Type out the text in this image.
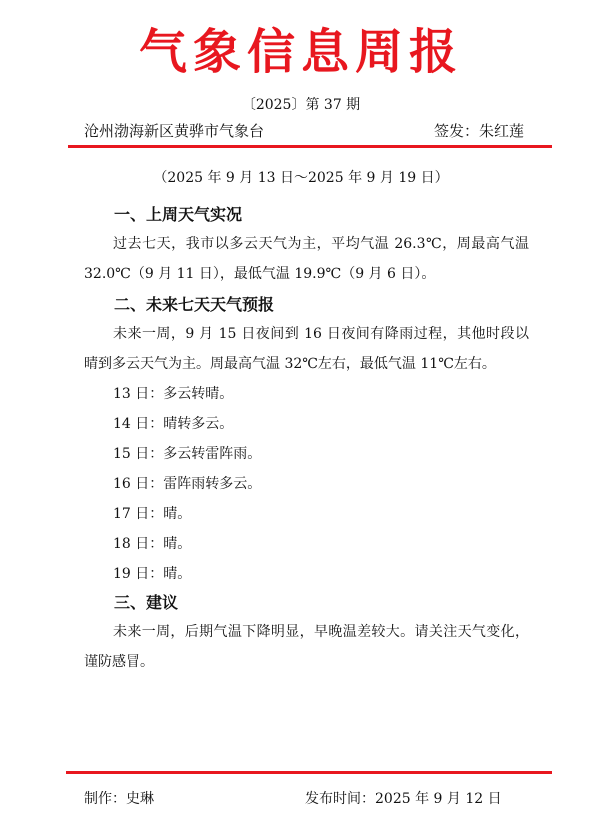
气象信息周报
〔2025〕第 37 期
沧州渤海新区黄骅市气象台	签发：朱红莲
（2025 年 9 月 13 日～2025 年 9 月 19 日）
一、上周天气实况

过去七天，我市以多云天气为主，平均气温 26.3℃，周最高气温 32.0℃（9 月 11 日），最低气温 19.9℃（9 月 6 日）。

二、未来七天天气预报

未来一周，9 月 15 日夜间到 16 日夜间有降雨过程，其他时段以晴到多云天气为主。周最高气温 32℃左右，最低气温 11℃左右。

13 日：多云转晴。

14 日：晴转多云。

15 日：多云转雷阵雨。

16 日：雷阵雨转多云。

17 日：晴。

18 日：晴。

19 日：晴。

三、建议

未来一周，后期气温下降明显，早晚温差较大。请关注天气变化，谨防感冒。

制作：史琳	发布时间：2025 年 9 月 12 日
